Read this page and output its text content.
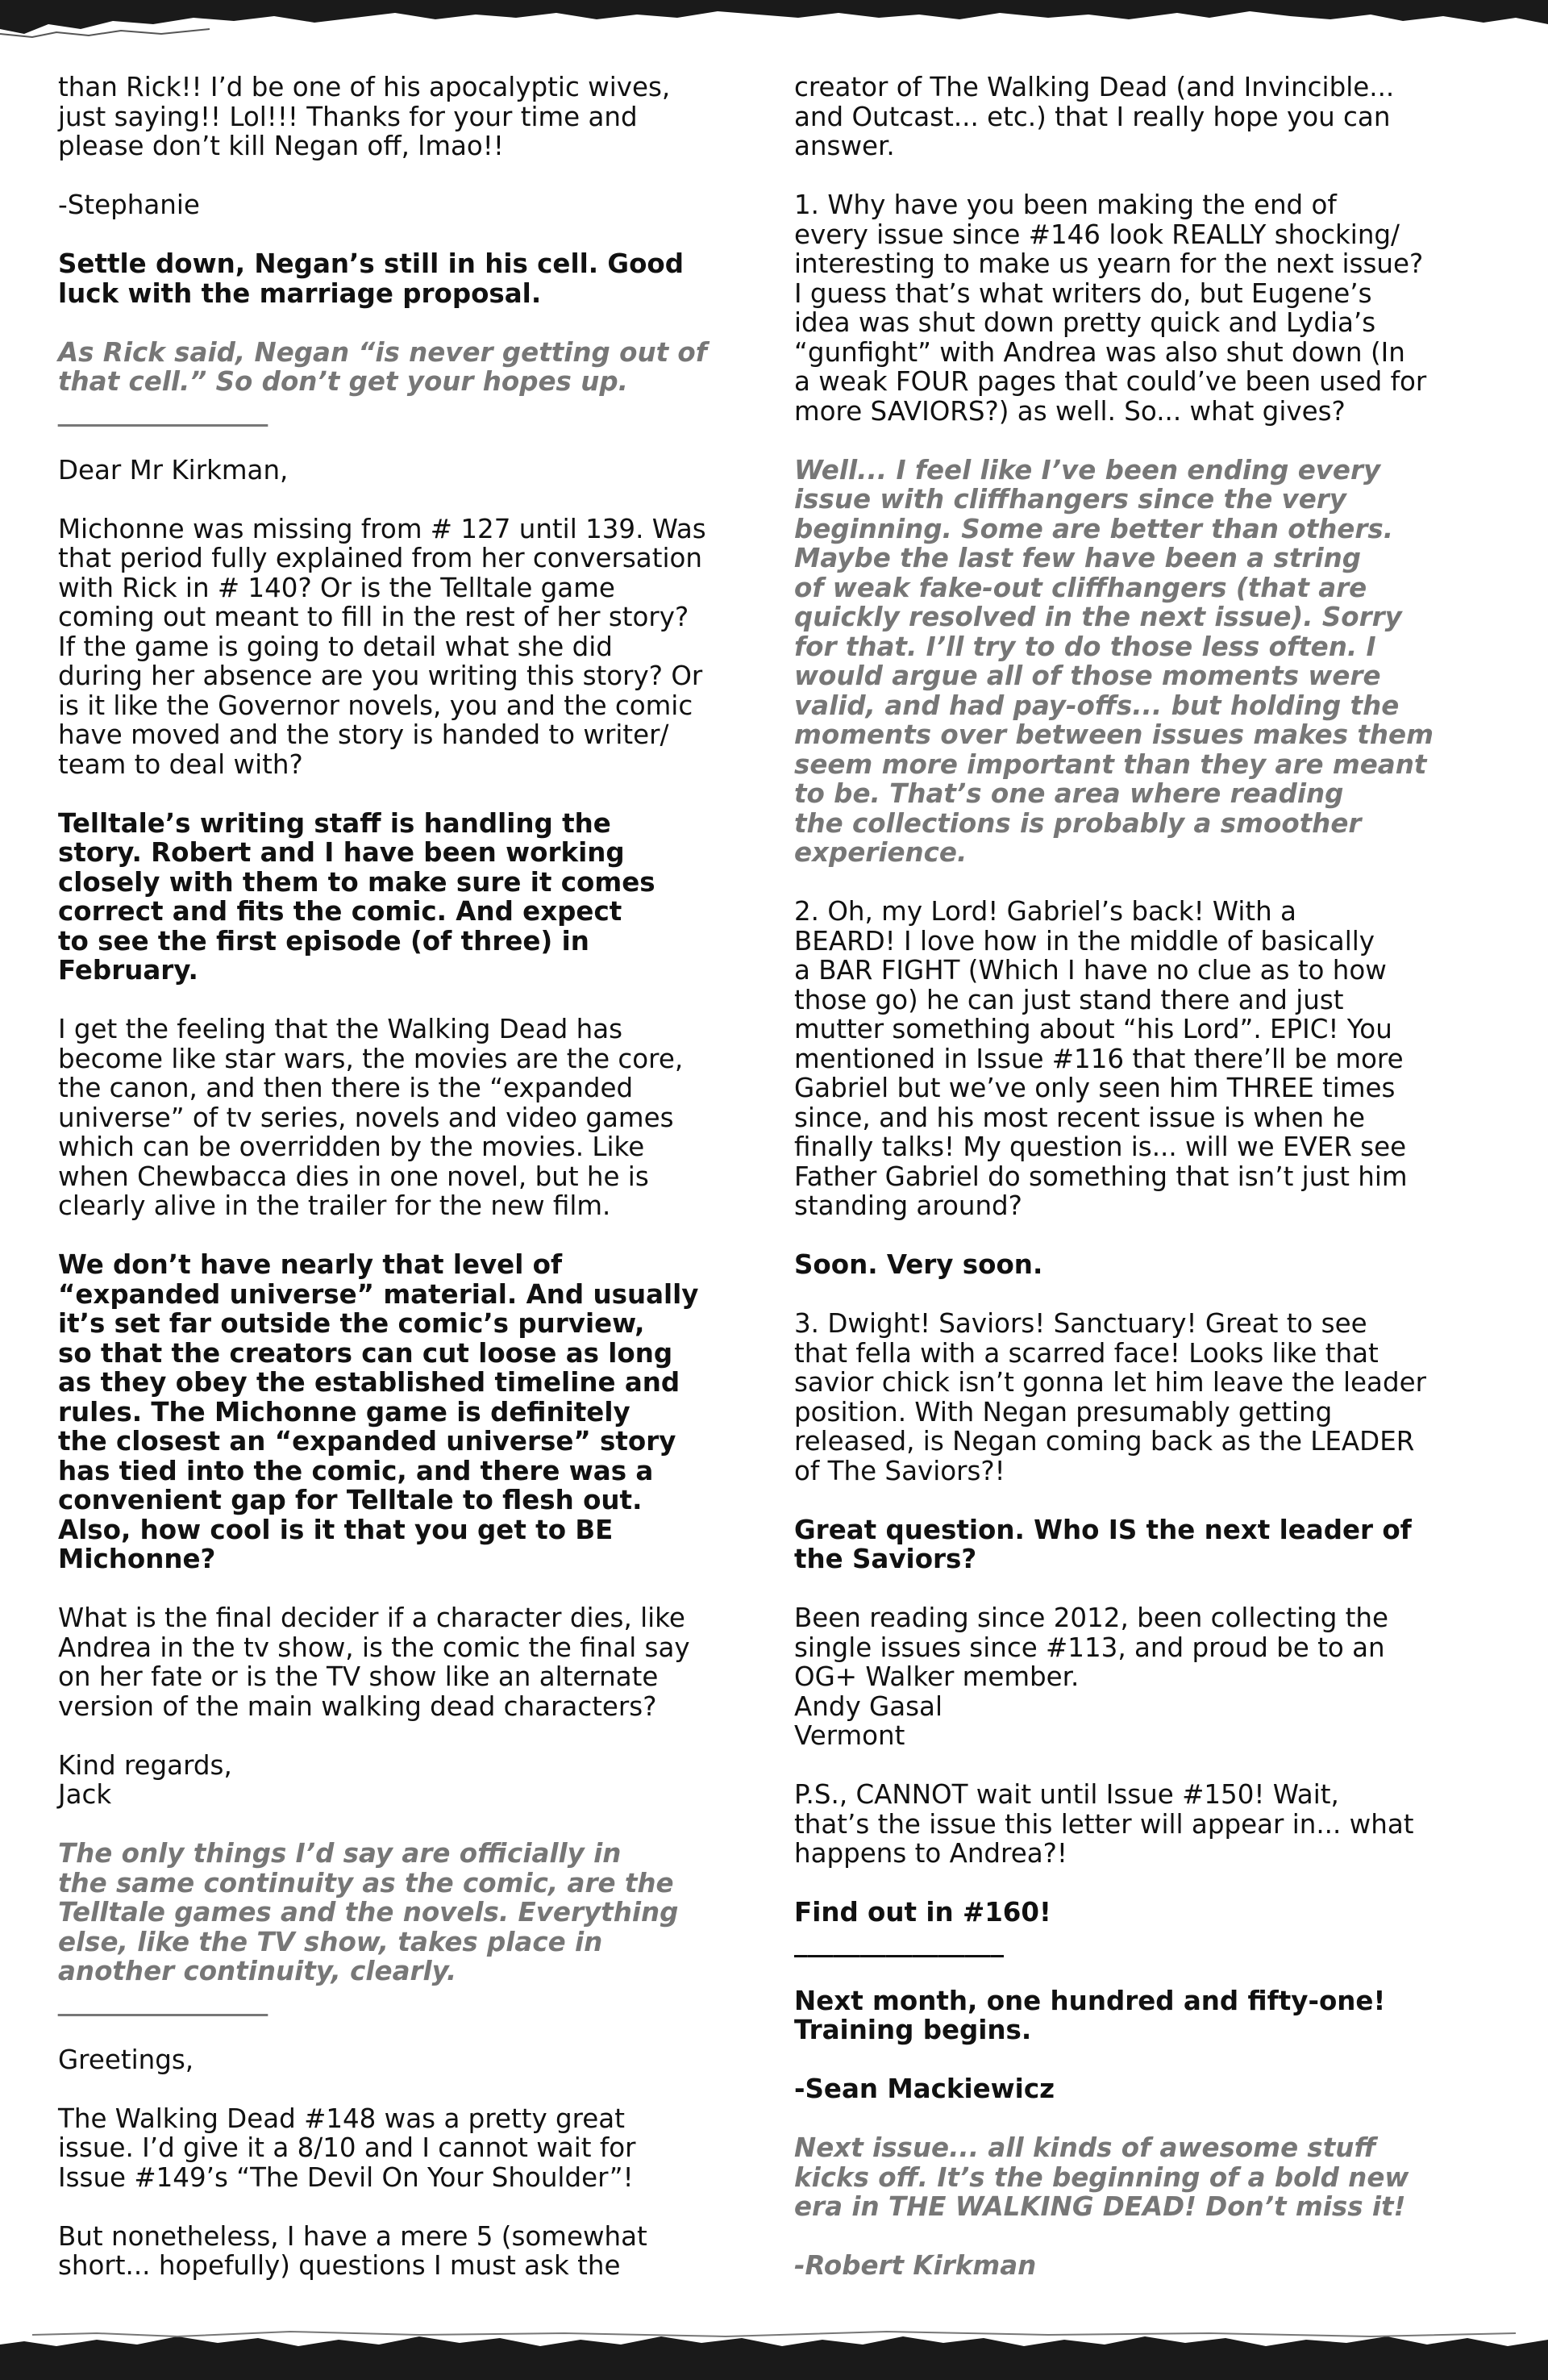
than Rick!! I’d be one of his apocalyptic wives,
just saying!! Lol!!! Thanks for your time and
please don’t kill Negan off, lmao!!

-Stephanie

Settle down, Negan’s still in his cell. Good
luck with the marriage proposal.

As Rick said, Negan “is never getting out of
that cell.” So don’t get your hopes up.
________________

Dear Mr Kirkman,

Michonne was missing from # 127 until 139. Was
that period fully explained from her conversation
with Rick in # 140? Or is the Telltale game
coming out meant to fill in the rest of her story?
If the game is going to detail what she did
during her absence are you writing this story? Or
is it like the Governor novels, you and the comic
have moved and the story is handed to writer/
team to deal with?

Telltale’s writing staff is handling the
story. Robert and I have been working
closely with them to make sure it comes
correct and fits the comic. And expect
to see the first episode (of three) in
February.

I get the feeling that the Walking Dead has
become like star wars, the movies are the core,
the canon, and then there is the “expanded
universe” of tv series, novels and video games
which can be overridden by the movies. Like
when Chewbacca dies in one novel, but he is
clearly alive in the trailer for the new film.

We don’t have nearly that level of
“expanded universe” material. And usually
it’s set far outside the comic’s purview,
so that the creators can cut loose as long
as they obey the established timeline and
rules. The Michonne game is definitely
the closest an “expanded universe” story
has tied into the comic, and there was a
convenient gap for Telltale to flesh out.
Also, how cool is it that you get to BE
Michonne?

What is the final decider if a character dies, like
Andrea in the tv show, is the comic the final say
on her fate or is the TV show like an alternate
version of the main walking dead characters?

Kind regards,
Jack

The only things I’d say are officially in
the same continuity as the comic, are the
Telltale games and the novels. Everything
else, like the TV show, takes place in
another continuity, clearly.
________________

Greetings,

The Walking Dead #148 was a pretty great
issue. I’d give it a 8/10 and I cannot wait for
Issue #149’s “The Devil On Your Shoulder”!

But nonetheless, I have a mere 5 (somewhat
short... hopefully) questions I must ask the

creator of The Walking Dead (and Invincible...
and Outcast... etc.) that I really hope you can
answer.

1. Why have you been making the end of
every issue since #146 look REALLY shocking/
interesting to make us yearn for the next issue?
I guess that’s what writers do, but Eugene’s
idea was shut down pretty quick and Lydia’s
“gunfight” with Andrea was also shut down (In
a weak FOUR pages that could’ve been used for
more SAVIORS?) as well. So... what gives?

Well... I feel like I’ve been ending every
issue with cliffhangers since the very
beginning. Some are better than others.
Maybe the last few have been a string
of weak fake-out cliffhangers (that are
quickly resolved in the next issue). Sorry
for that. I’ll try to do those less often. I
would argue all of those moments were
valid, and had pay-offs... but holding the
moments over between issues makes them
seem more important than they are meant
to be. That’s one area where reading
the collections is probably a smoother
experience.

2. Oh, my Lord! Gabriel’s back! With a
BEARD! I love how in the middle of basically
a BAR FIGHT (Which I have no clue as to how
those go) he can just stand there and just
mutter something about “his Lord”. EPIC! You
mentioned in Issue #116 that there’ll be more
Gabriel but we’ve only seen him THREE times
since, and his most recent issue is when he
finally talks! My question is... will we EVER see
Father Gabriel do something that isn’t just him
standing around?

Soon. Very soon.

3. Dwight! Saviors! Sanctuary! Great to see
that fella with a scarred face! Looks like that
savior chick isn’t gonna let him leave the leader
position. With Negan presumably getting
released, is Negan coming back as the LEADER
of The Saviors?!

Great question. Who IS the next leader of
the Saviors?

Been reading since 2012, been collecting the
single issues since #113, and proud be to an
OG+ Walker member.
Andy Gasal
Vermont

P.S., CANNOT wait until Issue #150! Wait,
that’s the issue this letter will appear in... what
happens to Andrea?!

Find out in #160!
________________

Next month, one hundred and fifty-one!
Training begins.

-Sean Mackiewicz

Next issue... all kinds of awesome stuff
kicks off. It’s the beginning of a bold new
era in THE WALKING DEAD! Don’t miss it!

-Robert Kirkman
